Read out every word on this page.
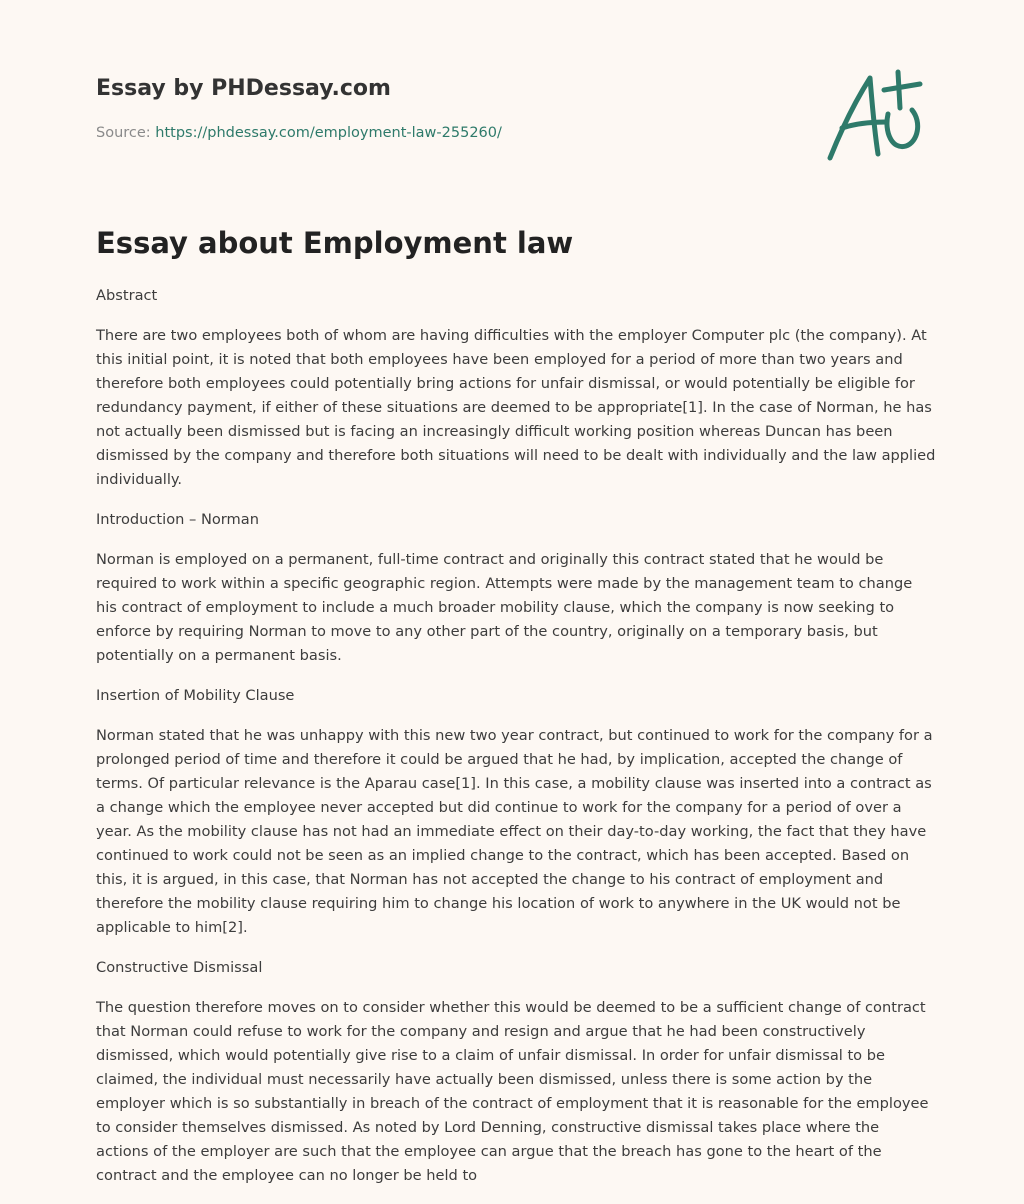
Essay by PHDessay.com
Source: https://phdessay.com/employment-law-255260/
Essay about Employment law

Abstract

There are two employees both of whom are having difficulties with the employer Computer plc (the company). At this initial point, it is noted that both employees have been employed for a period of more than two years and therefore both employees could potentially bring actions for unfair dismissal, or would potentially be eligible for redundancy payment, if either of these situations are deemed to be appropriate[1]. In the case of Norman, he has not actually been dismissed but is facing an increasingly difficult working position whereas Duncan has been dismissed by the company and therefore both situations will need to be dealt with individually and the law applied individually.

Introduction – Norman

Norman is employed on a permanent, full-time contract and originally this contract stated that he would be required to work within a specific geographic region. Attempts were made by the management team to change his contract of employment to include a much broader mobility clause, which the company is now seeking to enforce by requiring Norman to move to any other part of the country, originally on a temporary basis, but potentially on a permanent basis.

Insertion of Mobility Clause

Norman stated that he was unhappy with this new two year contract, but continued to work for the company for a prolonged period of time and therefore it could be argued that he had, by implication, accepted the change of terms. Of particular relevance is the Aparau case[1]. In this case, a mobility clause was inserted into a contract as a change which the employee never accepted but did continue to work for the company for a period of over a year. As the mobility clause has not had an immediate effect on their day-to-day working, the fact that they have continued to work could not be seen as an implied change to the contract, which has been accepted. Based on this, it is argued, in this case, that Norman has not accepted the change to his contract of employment and therefore the mobility clause requiring him to change his location of work to anywhere in the UK would not be applicable to him[2].

Constructive Dismissal

The question therefore moves on to consider whether this would be deemed to be a sufficient change of contract that Norman could refuse to work for the company and resign and argue that he had been constructively dismissed, which would potentially give rise to a claim of unfair dismissal. In order for unfair dismissal to be claimed, the individual must necessarily have actually been dismissed, unless there is some action by the employer which is so substantially in breach of the contract of employment that it is reasonable for the employee to consider themselves dismissed. As noted by Lord Denning, constructive dismissal takes place where the actions of the employer are such that the employee can argue that the breach has gone to the heart of the contract and the employee can no longer be held to
